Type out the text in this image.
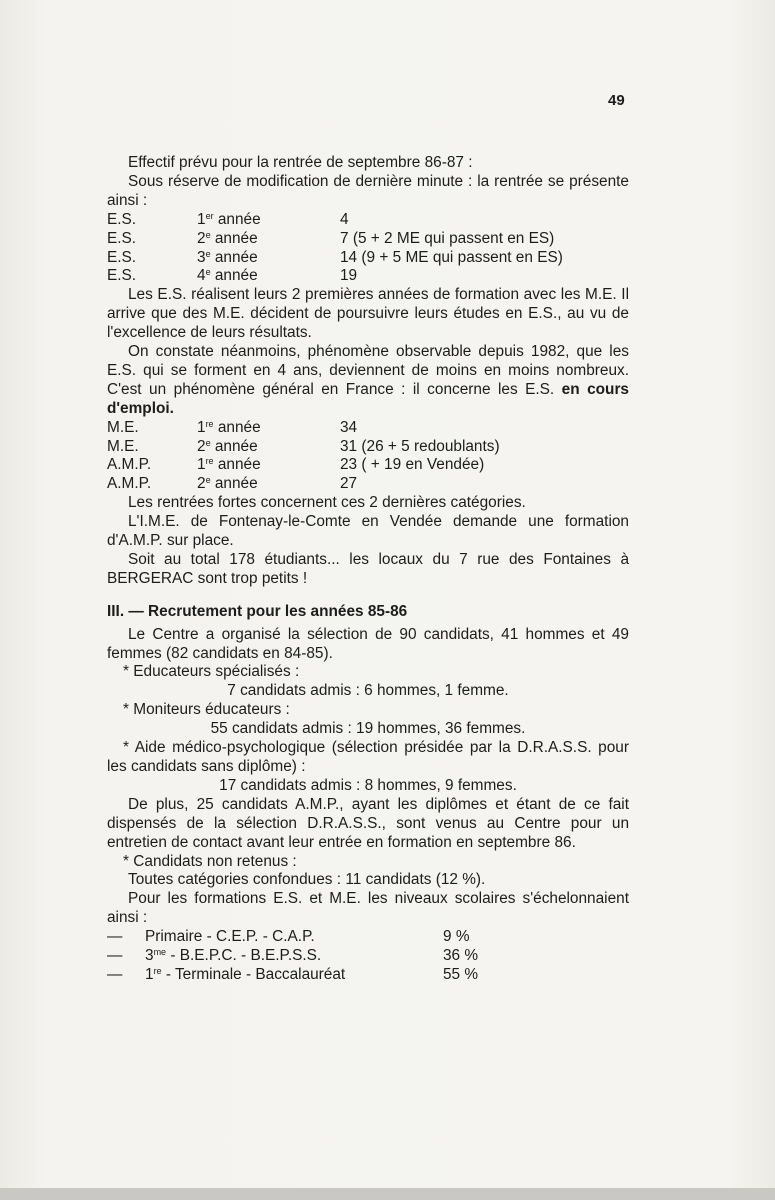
49

Effectif prévu pour la rentrée de septembre 86-87 :

Sous réserve de modification de dernière minute : la rentrée se présente ainsi :

E.S.	1er année	4
E.S.	2e année	7 (5 + 2 ME qui passent en ES)
E.S.	3e année	14 (9 + 5 ME qui passent en ES)
E.S.	4e année	19

Les E.S. réalisent leurs 2 premières années de formation avec les M.E. Il arrive que des M.E. décident de poursuivre leurs études en E.S., au vu de l'excellence de leurs résultats.

On constate néanmoins, phénomène observable depuis 1982, que les E.S. qui se forment en 4 ans, deviennent de moins en moins nombreux. C'est un phénomène général en France : il concerne les E.S. en cours d'emploi.

M.E.	1re année	34
M.E.	2e année	31 (26 + 5 redoublants)
A.M.P.	1re année	23 ( + 19 en Vendée)
A.M.P.	2e année	27

Les rentrées fortes concernent ces 2 dernières catégories.

L'I.M.E. de Fontenay-le-Comte en Vendée demande une formation d'A.M.P. sur place.

Soit au total 178 étudiants... les locaux du 7 rue des Fontaines à BERGERAC sont trop petits !

III. — Recrutement pour les années 85-86

Le Centre a organisé la sélection de 90 candidats, 41 hommes et 49 femmes (82 candidats en 84-85).

* Educateurs spécialisés :

7 candidats admis : 6 hommes, 1 femme.

* Moniteurs éducateurs :

55 candidats admis : 19 hommes, 36 femmes.

* Aide médico-psychologique (sélection présidée par la D.R.A.S.S. pour les candidats sans diplôme) :

17 candidats admis : 8 hommes, 9 femmes.

De plus, 25 candidats A.M.P., ayant les diplômes et étant de ce fait dispensés de la sélection D.R.A.S.S., sont venus au Centre pour un entretien de contact avant leur entrée en formation en septembre 86.

* Candidats non retenus :

Toutes catégories confondues : 11 candidats (12 %).

Pour les formations E.S. et M.E. les niveaux scolaires s'échelonnaient ainsi :

—	Primaire - C.E.P. - C.A.P.	9 %
—	$3^{me} - B.E.P.C$. - B.E.P.S.S.	36 %
—	1re - Terminale - Baccalauréat	55 %
